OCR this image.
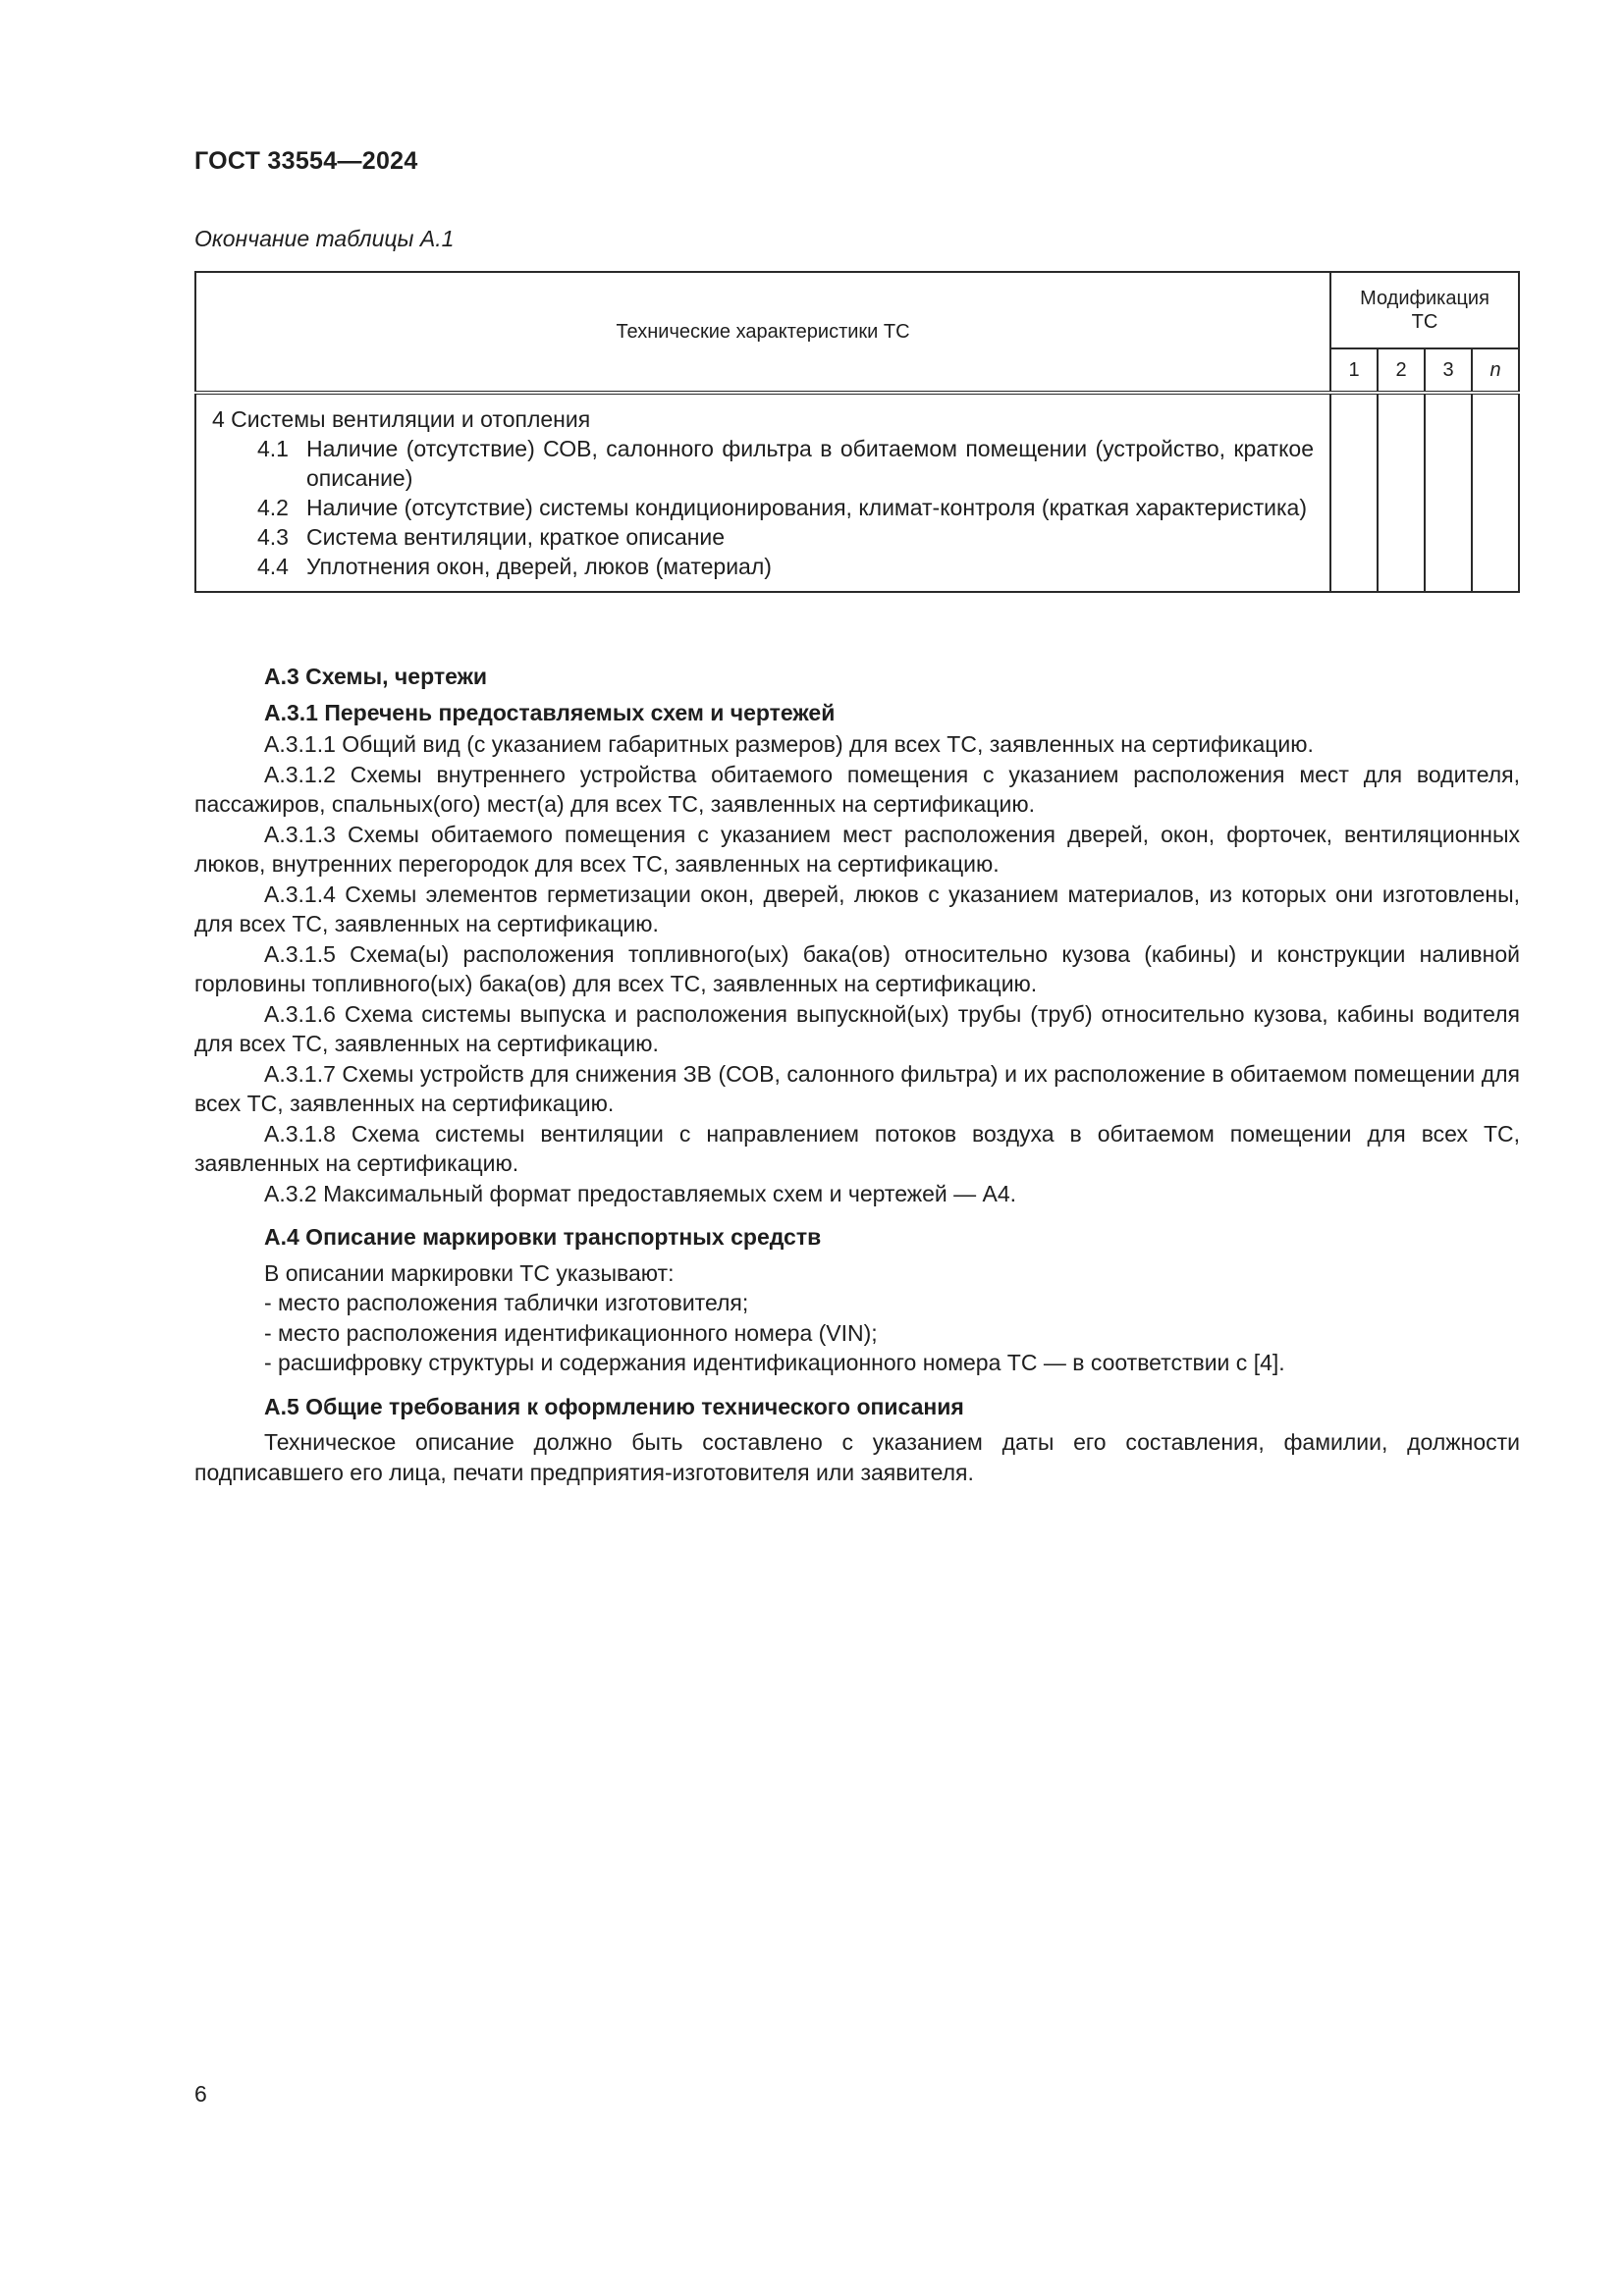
ГОСТ 33554—2024
Окончание таблицы А.1
Технические характеристики ТС	Модификация ТС			
	1	2	3	n

4 Системы вентиляции и отопления
4.1 Наличие (отсутствие) СОВ, салонного фильтра в обитаемом помещении (устройство, краткое описание)
4.2 Наличие (отсутствие) системы кондиционирования, климат-контроля (краткая характеристика)
4.3 Система вентиляции, краткое описание
4.4 Уплотнения окон, дверей, люков (материал)				

А.3 Схемы, чертежи

А.3.1 Перечень предоставляемых схем и чертежей

А.3.1.1 Общий вид (с указанием габаритных размеров) для всех ТС, заявленных на сертификацию.

А.3.1.2 Схемы внутреннего устройства обитаемого помещения с указанием расположения мест для водителя, пассажиров, спальных(ого) мест(а) для всех ТС, заявленных на сертификацию.

А.3.1.3 Схемы обитаемого помещения с указанием мест расположения дверей, окон, форточек, вентиляционных люков, внутренних перегородок для всех ТС, заявленных на сертификацию.

А.3.1.4 Схемы элементов герметизации окон, дверей, люков с указанием материалов, из которых они изготовлены, для всех ТС, заявленных на сертификацию.

А.3.1.5 Схема(ы) расположения топливного(ых) бака(ов) относительно кузова (кабины) и конструкции наливной горловины топливного(ых) бака(ов) для всех ТС, заявленных на сертификацию.

А.3.1.6 Схема системы выпуска и расположения выпускной(ых) трубы (труб) относительно кузова, кабины водителя для всех ТС, заявленных на сертификацию.

А.3.1.7 Схемы устройств для снижения ЗВ (СОВ, салонного фильтра) и их расположение в обитаемом помещении для всех ТС, заявленных на сертификацию.

А.3.1.8 Схема системы вентиляции с направлением потоков воздуха в обитаемом помещении для всех ТС, заявленных на сертификацию.

А.3.2 Максимальный формат предоставляемых схем и чертежей — А4.

А.4 Описание маркировки транспортных средств

В описании маркировки ТС указывают:

- место расположения таблички изготовителя;

- место расположения идентификационного номера (VIN);

- расшифровку структуры и содержания идентификационного номера ТС — в соответствии с [4].

А.5 Общие требования к оформлению технического описания

Техническое описание должно быть составлено с указанием даты его составления, фамилии, должности подписавшего его лица, печати предприятия-изготовителя или заявителя.

6
